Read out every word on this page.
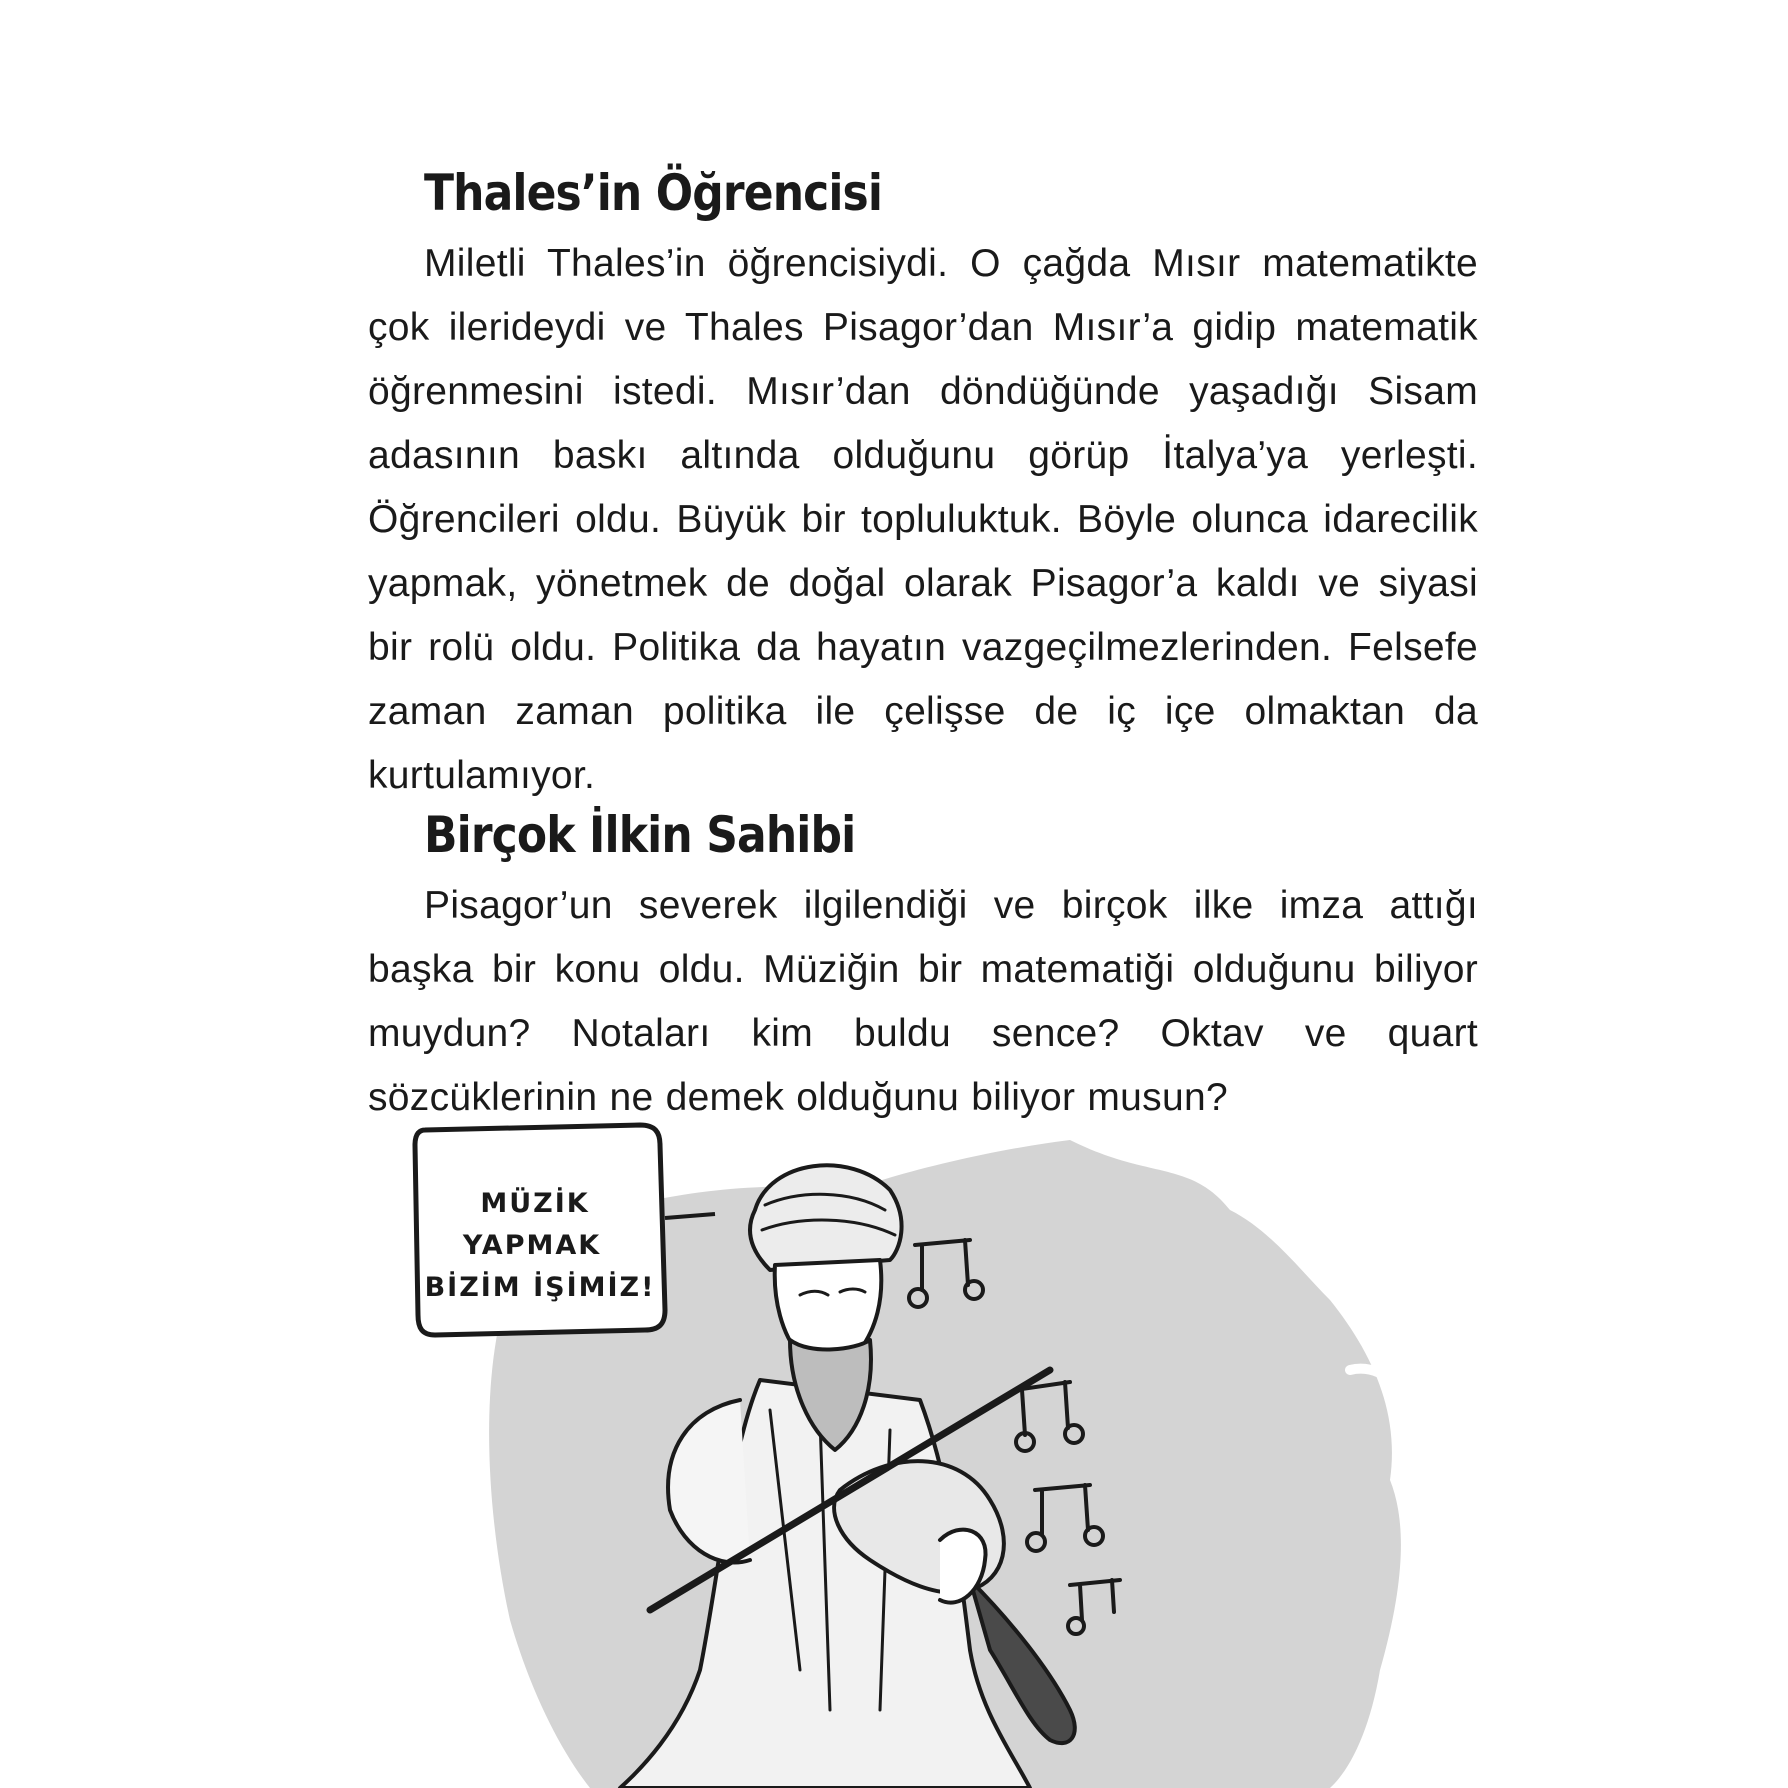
Thales’in Öğrencisi

Miletli Thales’in öğrencisiydi. O çağda Mısır matematikte çok ilerideydi ve Thales Pisagor’dan Mısır’a gidip matematik öğrenmesini istedi. Mısır’dan döndüğünde yaşadığı Sisam adasının baskı altında olduğunu görüp İtalya’ya yerleşti. Öğrencileri oldu. Büyük bir topluluktuk. Böyle olunca idarecilik yapmak, yönetmek de doğal olarak Pisagor’a kaldı ve siyasi bir rolü oldu. Politika da hayatın vazgeçilmezlerinden. Felsefe zaman zaman politika ile çelişse de iç içe olmaktan da kurtulamıyor.

Birçok İlkin Sahibi

Pisagor’un severek ilgilendiği ve birçok ilke imza attığı başka bir konu oldu. Müziğin bir matematiği olduğunu biliyor muydun? Notaları kim buldu sence? Oktav ve quart sözcüklerinin ne demek olduğunu biliyor musun?

MÜZİK
YAPMAK
BİZİM İŞİMİZ!
